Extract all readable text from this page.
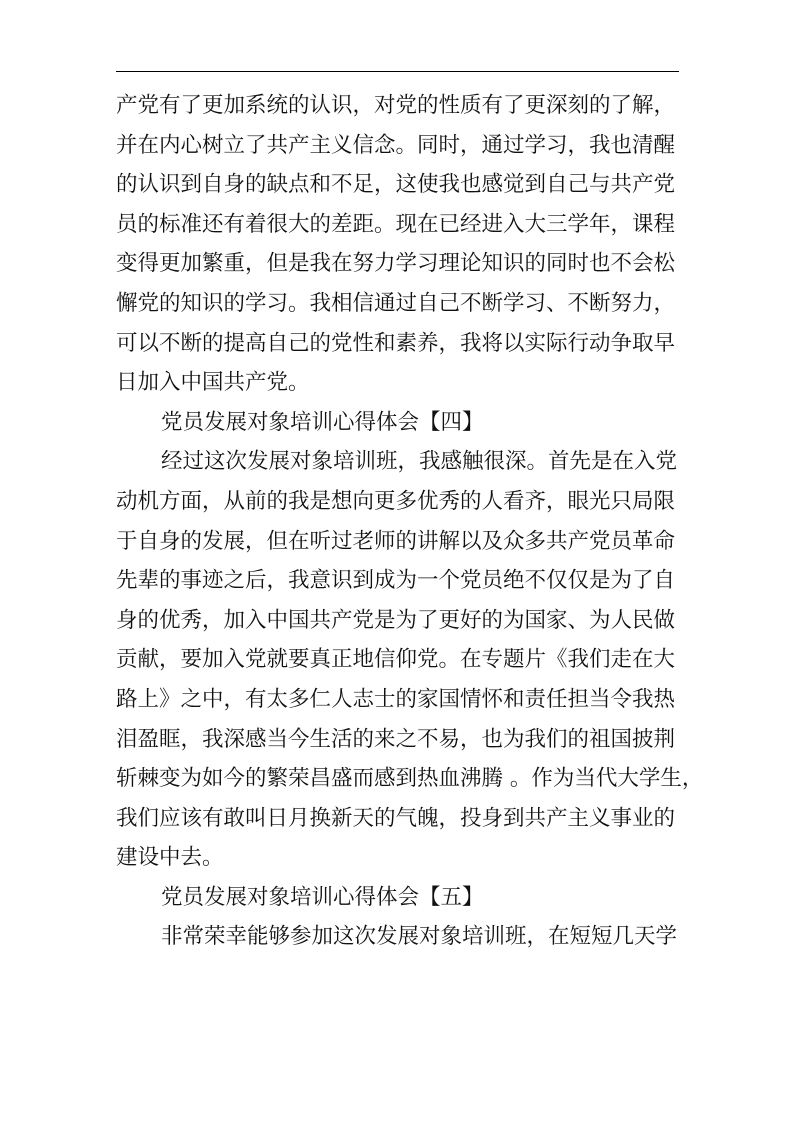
产党有了更加系统的认识，对党的性质有了更深刻的了解，
并在内心树立了共产主义信念。同时，通过学习，我也清醒
的认识到自身的缺点和不足，这使我也感觉到自己与共产党
员的标准还有着很大的差距。现在已经进入大三学年，课程
变得更加繁重，但是我在努力学习理论知识的同时也不会松
懈党的知识的学习。我相信通过自己不断学习、不断努力，
可以不断的提高自己的党性和素养，我将以实际行动争取早
日加入中国共产党。
党员发展对象培训心得体会【四】
经过这次发展对象培训班，我感触很深。首先是在入党
动机方面，从前的我是想向更多优秀的人看齐，眼光只局限
于自身的发展，但在听过老师的讲解以及众多共产党员革命
先辈的事迹之后，我意识到成为一个党员绝不仅仅是为了自
身的优秀，加入中国共产党是为了更好的为国家、为人民做
贡献，要加入党就要真正地信仰党。在专题片《我们走在大
路上》之中，有太多仁人志士的家国情怀和责任担当令我热
泪盈眶，我深感当今生活的来之不易，也为我们的祖国披荆
斩棘变为如今的繁荣昌盛而感到热血沸腾 。作为当代大学生，
我们应该有敢叫日月换新天的气魄，投身到共产主义事业的
建设中去。
党员发展对象培训心得体会【五】
非常荣幸能够参加这次发展对象培训班，在短短几天学
